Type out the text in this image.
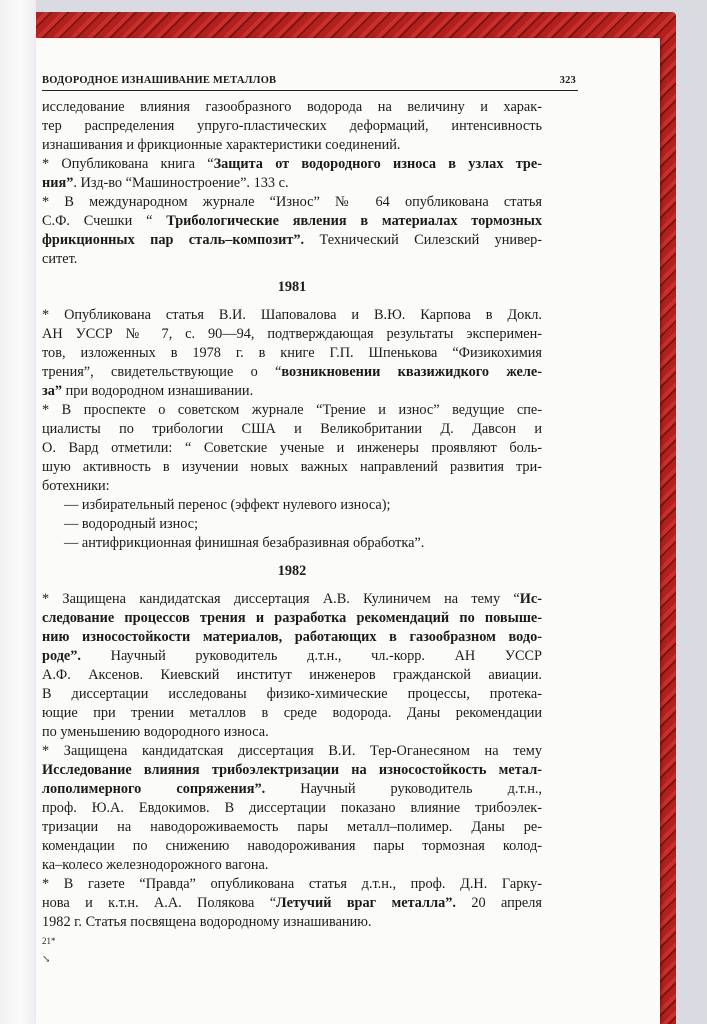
ВОДОРОДНОЕ ИЗНАШИВАНИЕ МЕТАЛЛОВ	323
исследование влияния газообразного водорода на величину и харак-
тер распределения упруго-пластических деформаций, интенсивность
изнашивания и фрикционные характеристики соединений.
* Опубликована книга “Защита от водородного износа в узлах тре-
ния”. Изд-во “Машиностроение”. 133 с.
* В международном журнале “Износ” № 64 опубликована статья
С.Ф. Счешки “ Трибологические явления в материалах тормозных
фрикционных пар сталь–композит”. Технический Силезский универ-
ситет.
1981
* Опубликована статья В.И. Шаповалова и В.Ю. Карпова в Докл.
АН УССР № 7, с. 90—94, подтверждающая результаты эксперимен-
тов, изложенных в 1978 г. в книге Г.П. Шпенькова “Физикохимия
трения”, свидетельствующие о “возникновении квазижидкого желе-
за” при водородном изнашивании.
* В проспекте о советском журнале “Трение и износ” ведущие спе-
циалисты по трибологии США и Великобритании Д. Давсон и
О. Вард отметили: “ Советские ученые и инженеры проявляют боль-
шую активность в изучении новых важных направлений развития три-
ботехники:
— избирательный перенос (эффект нулевого износа);
— водородный износ;
— антифрикционная финишная безабразивная обработка”.
1982
* Защищена кандидатская диссертация А.В. Кулиничем на тему “Ис-
следование процессов трения и разработка рекомендаций по повыше-
нию износостойкости материалов, работающих в газообразном водо-
роде”. Научный руководитель д.т.н., чл.-корр. АН УССР
А.Ф. Аксенов. Киевский институт инженеров гражданской авиации.
В диссертации исследованы физико-химические процессы, протека-
ющие при трении металлов в среде водорода. Даны рекомендации
по уменьшению водородного износа.
* Защищена кандидатская диссертация В.И. Тер-Оганесяном на тему
Исследование влияния трибоэлектризации на износостойкость метал-
лополимерного сопряжения”. Научный руководитель д.т.н.,
проф. Ю.А. Евдокимов. В диссертации показано влияние трибоэлек-
тризации на наводороживаемость пары металл–полимер. Даны ре-
комендации по снижению наводороживания пары тормозная колод-
ка–колесо железнодорожного вагона.
* В газете “Правда” опубликована статья д.т.н., проф. Д.Н. Гарку-
нова и к.т.н. А.А. Полякова “Летучий враг металла”. 20 апреля
1982 г. Статья посвящена водородному изнашиванию.
21*
↘
